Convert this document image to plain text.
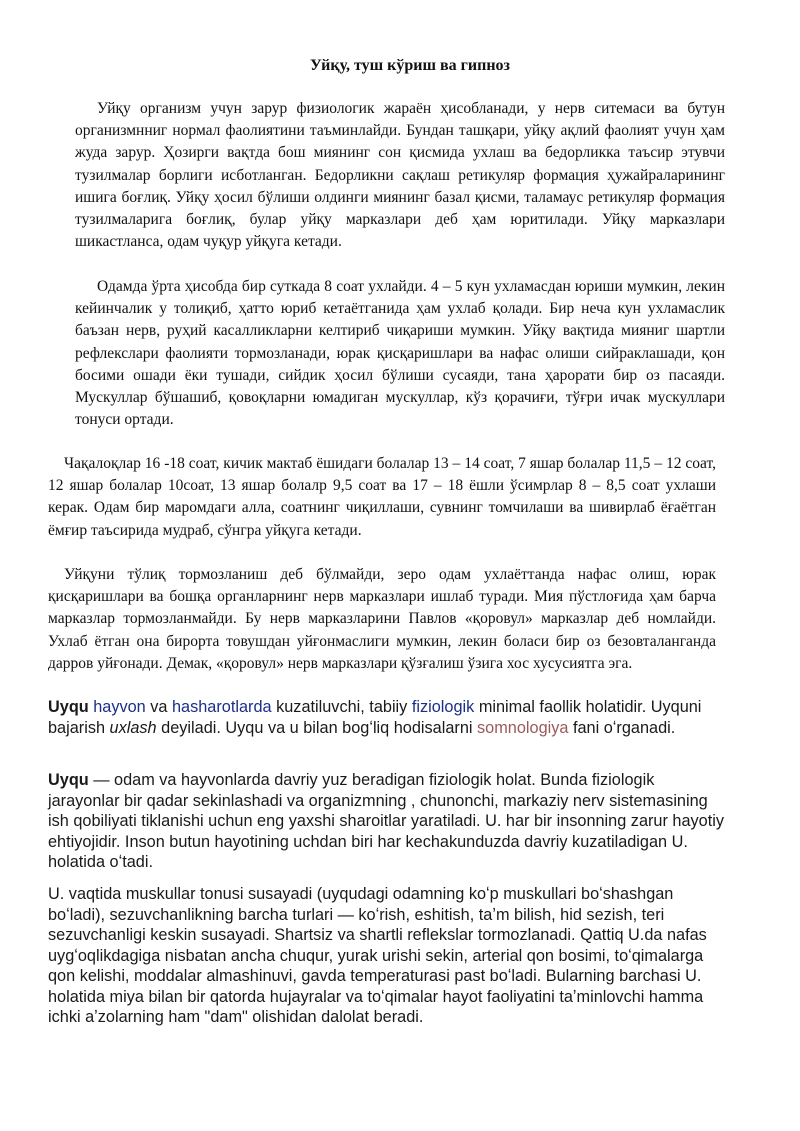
Уйқу, туш кўриш ва гипноз

Уйқу организм учун зарур физиологик жараён ҳисобланади, у нерв ситемаси ва бутун организмнниг нормал фаолиятини таъминлайди. Бундан ташқари, уйқу ақлий фаолият учун ҳам жуда зарур. Ҳозирги вақтда бош миянинг сон қисмида ухлаш ва бедорликка таъсир этувчи тузилмалар борлиги исботланган. Бедорликни сақлаш ретикуляр формация ҳужайраларининг ишига боғлиқ. Уйқу ҳосил бўлиши олдинги миянинг базал қисми, таламаус ретикуляр формация тузилмаларига боғлиқ, булар уйқу марказлари деб ҳам юритилади. Уйқу марказлари шикастланса, одам чуқур уйқуга кетади.

Одамда ўрта ҳисобда бир суткада 8 соат ухлайди. 4 – 5 кун ухламасдан юриши мумкин, лекин кейинчалик у толиқиб, ҳатто юриб кетаётганида ҳам ухлаб қолади. Бир неча кун ухламаслик баъзан нерв, руҳий касалликларни келтириб чиқариши мумкин. Уйқу вақтида мияниг шартли рефлекслари фаолияти тормозланади, юрак қисқаришлари ва нафас олиши сийраклашади, қон босими ошади ёки тушади, сийдик ҳосил бўлиши сусаяди, тана ҳарорати бир оз пасаяди. Мускуллар бўшашиб, қовоқларни юмадиган мускуллар, кўз қорачиғи, тўғри ичак мускуллари тонуси ортади.

Чақалоқлар 16 -18 соат, кичик мактаб ёшидаги болалар 13 – 14 соат, 7 яшар болалар 11,5 – 12 соат, 12 яшар болалар 10соат, 13 яшар болалр 9,5 соат ва 17 – 18 ёшли ўсимрлар 8 – 8,5 соат ухлаши керак. Одам бир маромдаги алла, соатнинг чиқиллаши, сувнинг томчилаши ва шивирлаб ёғаётган ёмғир таъсирида мудраб, сўнгра уйқуга кетади.

Уйқуни тўлиқ тормозланиш деб бўлмайди, зеро одам ухлаёттанда нафас олиш, юрак қисқаришлари ва бошқа органларнинг нерв марказлари ишлаб туради. Мия пўстлоғида ҳам барча марказлар тормозланмайди. Бу нерв марказларини Павлов «қоровул» марказлар деб номлайди. Ухлаб ётган она бирорта товушдан уйғонмаслиги мумкин, лекин боласи бир оз безовталанганда дарров уйғонади. Демак, «қоровул» нерв марказлари қўзғалиш ўзига хос хусусиятга эга.

Uyqu hayvon va hasharotlarda kuzatiluvchi, tabiiy fiziologik minimal faollik holatidir. Uyquni bajarish uxlash deyiladi. Uyqu va u bilan bogʻliq hodisalarni somnologiya fani oʻrganadi.

Uyqu — odam va hayvonlarda davriy yuz beradigan fiziologik holat. Bunda fiziologik jarayonlar bir qadar sekinlashadi va organizmning , chunonchi, markaziy nerv sistemasining ish qobiliyati tiklanishi uchun eng yaxshi sharoitlar yaratiladi. U. har bir insonning zarur hayotiy ehtiyojidir. Inson butun hayotining uchdan biri har kechakunduzda davriy kuzatiladigan U. holatida oʻtadi.

U. vaqtida muskullar tonusi susayadi (uyqudagi odamning koʻp muskullari boʻshashgan boʻladi), sezuvchanlikning barcha turlari — koʻrish, eshitish, taʼm bilish, hid sezish, teri sezuvchanligi keskin susayadi. Shartsiz va shartli reflekslar tormozlanadi. Qattiq U.da nafas uygʻoqlikdagiga nisbatan ancha chuqur, yurak urishi sekin, arterial qon bosimi, toʻqimalarga qon kelishi, moddalar almashinuvi, gavda temperaturasi past boʻladi. Bularning barchasi U. holatida miya bilan bir qatorda hujayralar va toʻqimalar hayot faoliyatini taʼminlovchi hamma ichki aʼzolarning ham "dam" olishidan dalolat beradi.
